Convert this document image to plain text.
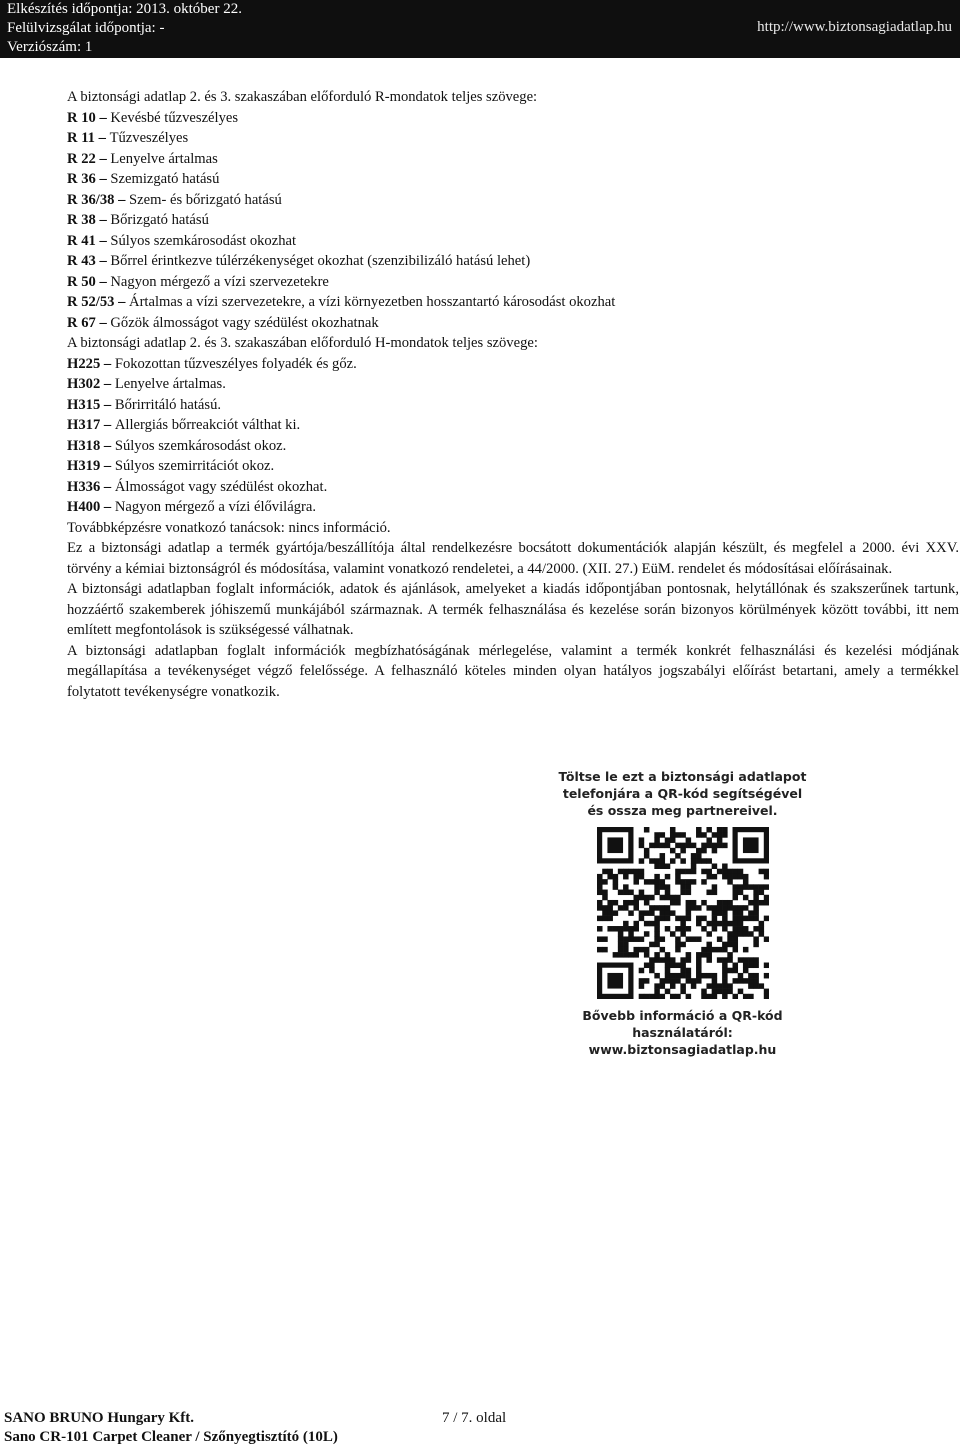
Elkészítés időpontja: 2013. október 22.
Felülvizsgálat időpontja: -
Verziószám: 1
http://www.biztonsagiadatlap.hu

A biztonsági adatlap 2. és 3. szakaszában előforduló R-mondatok teljes szövege:

R 10 – Kevésbé tűzveszélyes

R 11 – Tűzveszélyes

R 22 – Lenyelve ártalmas

R 36 – Szemizgató hatású

R 36/38 – Szem- és bőrizgató hatású

R 38 – Bőrizgató hatású

R 41 – Súlyos szemkárosodást okozhat

R 43 – Bőrrel érintkezve túlérzékenységet okozhat (szenzibilizáló hatású lehet)

R 50 – Nagyon mérgező a vízi szervezetekre

R 52/53 – Ártalmas a vízi szervezetekre, a vízi környezetben hosszantartó károsodást okozhat

R 67 – Gőzök álmosságot vagy szédülést okozhatnak

A biztonsági adatlap 2. és 3. szakaszában előforduló H-mondatok teljes szövege:

H225 – Fokozottan tűzveszélyes folyadék és gőz.

H302 – Lenyelve ártalmas.

H315 – Bőrirritáló hatású.

H317 – Allergiás bőrreakciót válthat ki.

H318 – Súlyos szemkárosodást okoz.

H319 – Súlyos szemirritációt okoz.

H336 – Álmosságot vagy szédülést okozhat.

H400 – Nagyon mérgező a vízi élővilágra.

Továbbképzésre vonatkozó tanácsok: nincs információ.

Ez a biztonsági adatlap a termék gyártója/beszállítója által rendelkezésre bocsátott dokumentációk alapján készült, és megfelel a 2000. évi XXV. törvény a kémiai biztonságról és módosítása, valamint vonatkozó rendeletei, a 44/2000. (XII. 27.) EüM. rendelet és módosításai előírásainak.

A biztonsági adatlapban foglalt információk, adatok és ajánlások, amelyeket a kiadás időpontjában pontosnak, helytállónak és szakszerűnek tartunk, hozzáértő szakemberek jóhiszemű munkájából származnak. A termék felhasználása és kezelése során bizonyos körülmények között további, itt nem említett megfontolások is szükségessé válhatnak.

A biztonsági adatlapban foglalt információk megbízhatóságának mérlegelése, valamint a termék konkrét felhasználási és kezelési módjának megállapítása a tevékenységet végző felelőssége. A felhasználó köteles minden olyan hatályos jogszabályi előírást betartani, amely a termékkel folytatott tevékenységre vonatkozik.

Töltse le ezt a biztonsági adatlapot telefonjára a QR-kód segítségével és ossza meg partnereivel.
Bővebb információ a QR-kód használatáról: www.biztonsagiadatlap.hu
SANO BRUNO Hungary Kft.	7 / 7. oldal
Sano CR-101 Carpet Cleaner / Szőnyegtisztító (10L)
